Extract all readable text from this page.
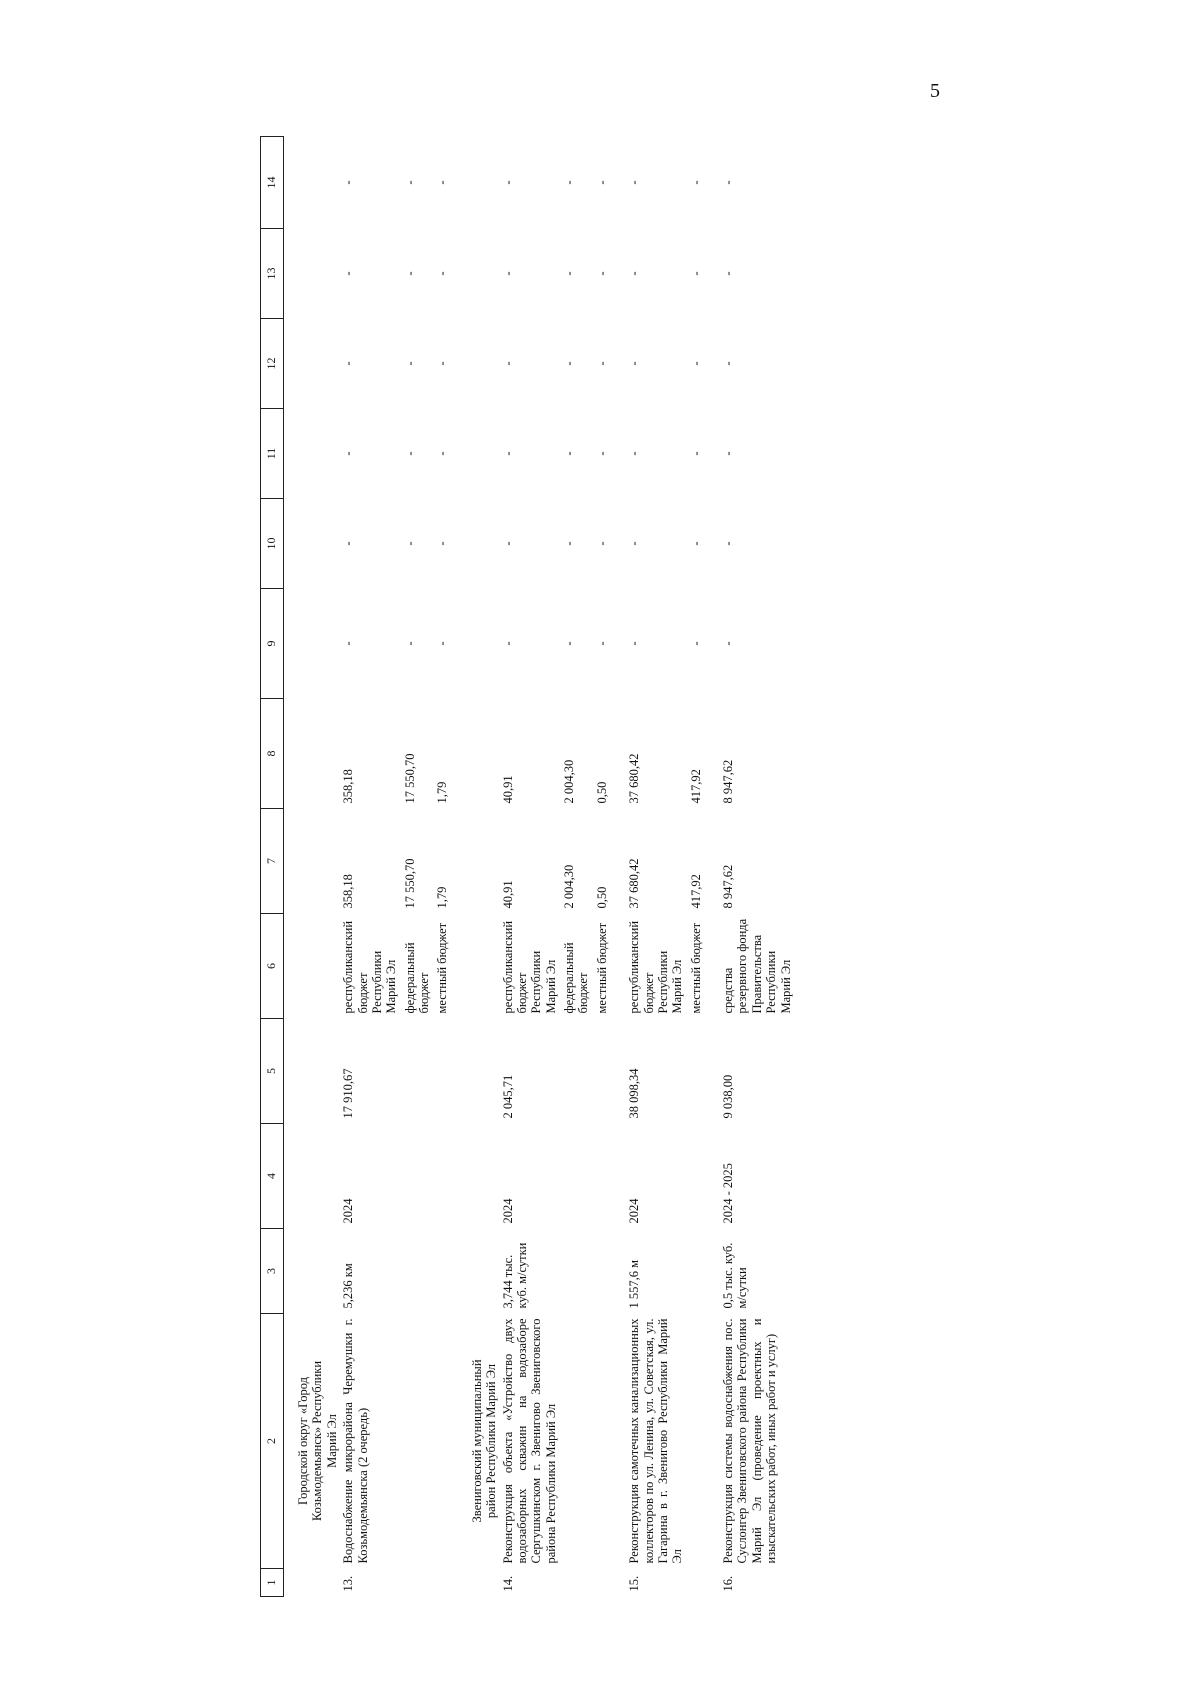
5
1	2	3	4	5	6	7	8	9	10	11	12	13	14

	Городской округ «Город Козьмодемьянск» Республики Марий Эл												
13.	Водоснабжение микрорайона Черемушки г. Козьмодемьянска (2 очередь)	5,236 км	2024	17 910,67	республиканский бюджет Республики Марий Эл	358,18	358,18	-	-	-	-	-	-
					федеральный бюджет	17 550,70	17 550,70	-	-	-	-	-	-
					местный бюджет	1,79	1,79	-	-	-	-	-	-

	Звениговский муниципальный район Республики Марий Эл												
14.	Реконструкция объекта «Устройство двух водозаборных скважин на водозаборе Сергушкинском г. Звенигово Звениговского района Республики Марий Эл	3,744 тыс. куб. м/сутки	2024	2 045,71	республиканский бюджет Республики Марий Эл	40,91	40,91	-	-	-	-	-	-
					федеральный бюджет	2 004,30	2 004,30	-	-	-	-	-	-
					местный бюджет	0,50	0,50	-	-	-	-	-	-

15.	Реконструкция самотечных канализационных коллекторов по ул. Ленина, ул. Советская, ул. Гагарина в г. Звенигово Республики Марий Эл	1 557,6 м	2024	38 098,34	республиканский бюджет Республики Марий Эл	37 680,42	37 680,42	-	-	-	-	-	-
					местный бюджет	417,92	417,92	-	-	-	-	-	-

16.	Реконструкция системы водоснабжения пос. Суслонгер Звениговского района Республики Марий Эл (проведение проектных и изыскательских работ, иных работ и услуг)	0,5 тыс. куб. м/сутки	2024 - 2025	9 038,00	средства резервного фонда Правительства Республики Марий Эл	8 947,62	8 947,62	-	-	-	-	-	-
